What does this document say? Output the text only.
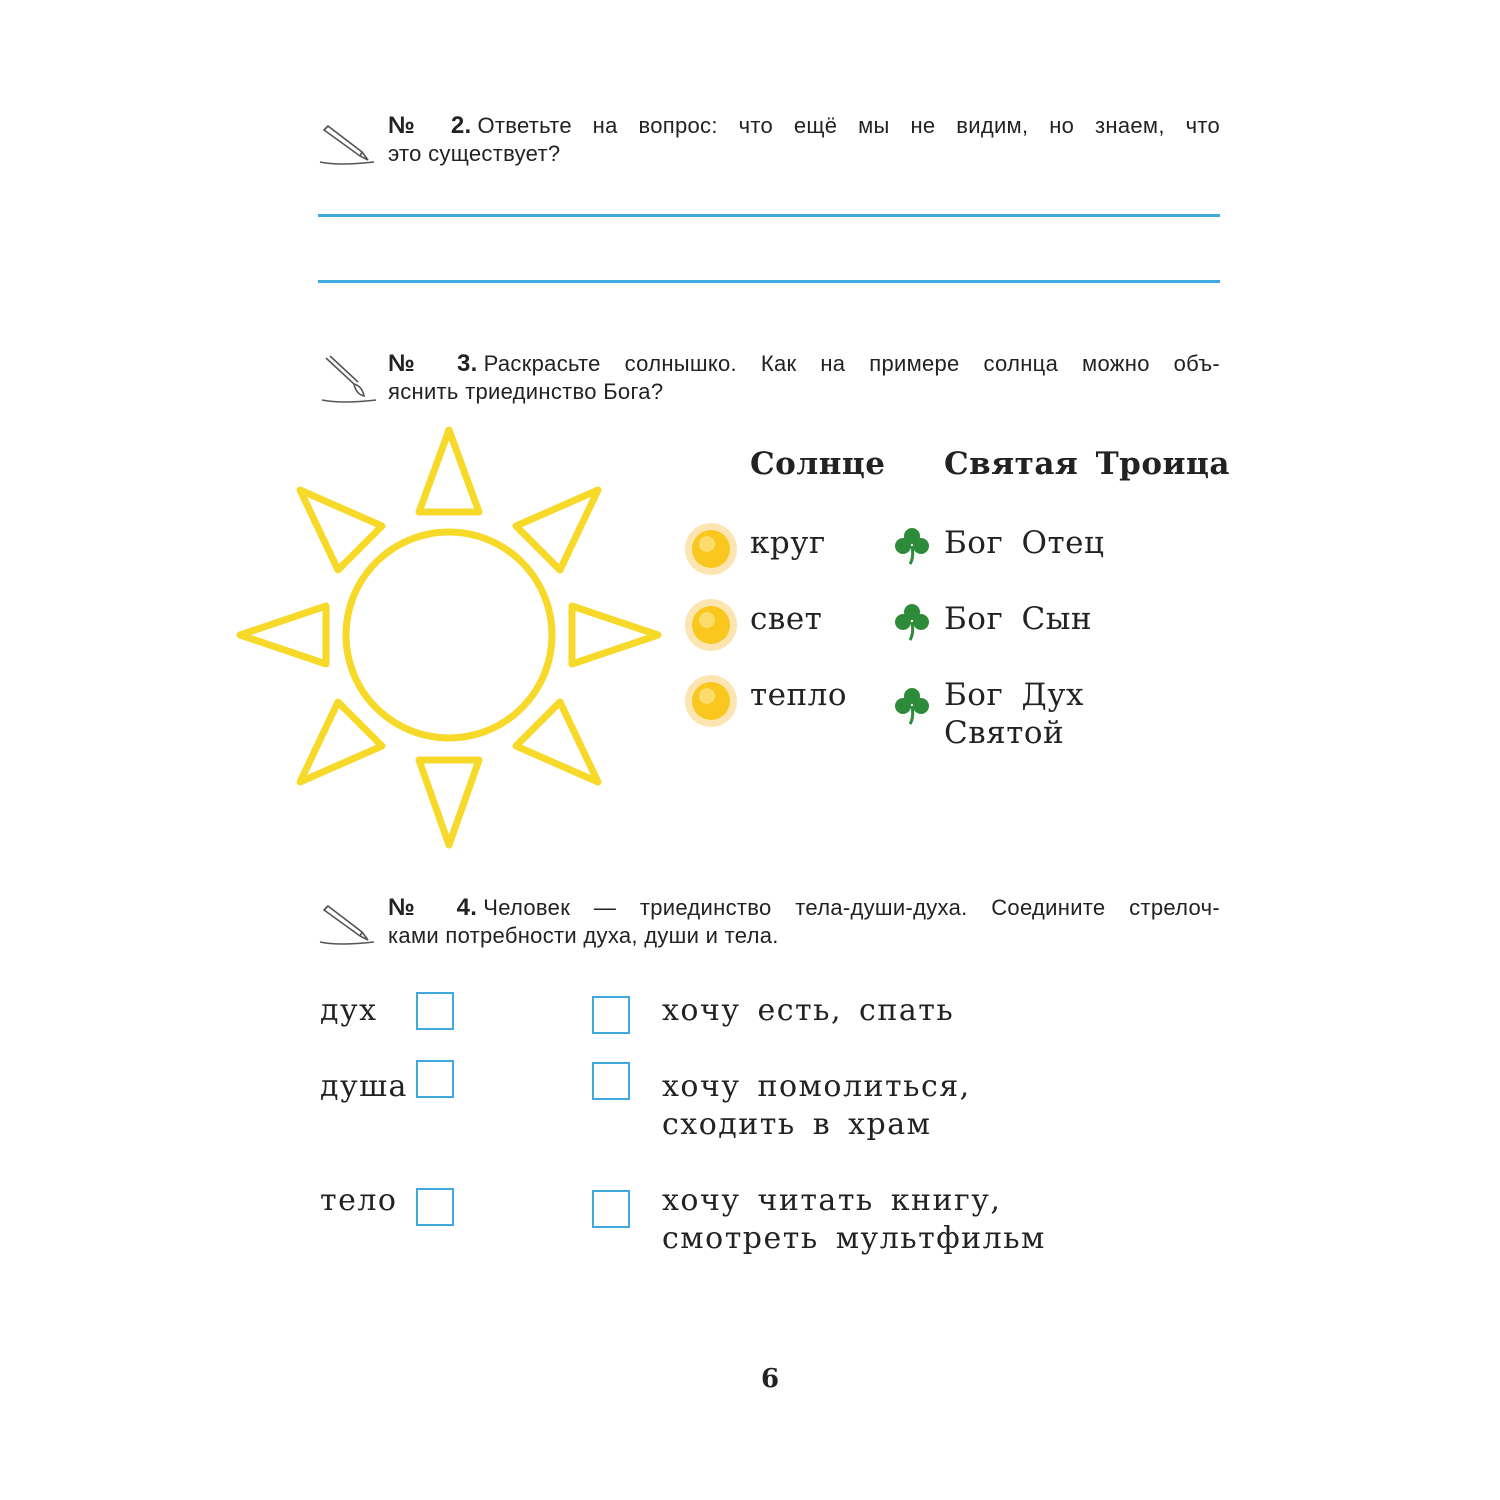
№ 2. Ответьте на вопрос: что ещё мы не видим, но знаем, что
это существует?
№ 3. Раскрасьте солнышко. Как на примере солнца можно объ-
яснить триединство Бога?
Солнце Святая Троица
круг
свет
тепло
Бог Отец
Бог Сын
Бог Дух
Святой
№ 4. Человек — триединство тела-души-духа. Соедините стрелоч-
ками потребности духа, души и тела.
дух
душа
тело
хочу есть, спать
хочу помолиться,
сходить в храм
хочу читать книгу,
смотреть мультфильм
6
